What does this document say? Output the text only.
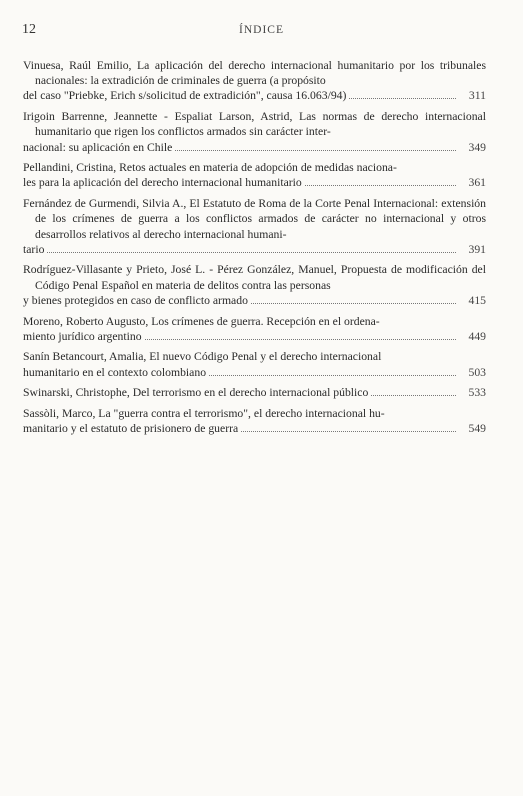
12	ÍNDICE
Vinuesa, Raúl Emilio, La aplicación del derecho internacional humanitario por los tribunales nacionales: la extradición de criminales de guerra (a propósito
del caso "Priebke, Erich s/solicitud de extradición", causa 16.063/94)	311
Irigoin Barrenne, Jeannette - Espaliat Larson, Astrid, Las normas de derecho internacional humanitario que rigen los conflictos armados sin carácter inter-
nacional: su aplicación en Chile	349
Pellandini, Cristina, Retos actuales en materia de adopción de medidas naciona-
les para la aplicación del derecho internacional humanitario	361
Fernández de Gurmendi, Silvia A., El Estatuto de Roma de la Corte Penal Internacional: extensión de los crímenes de guerra a los conflictos armados de carácter no internacional y otros desarrollos relativos al derecho internacional humani-
tario	391
Rodríguez-Villasante y Prieto, José L. - Pérez González, Manuel, Propuesta de modificación del Código Penal Español en materia de delitos contra las personas
y bienes protegidos en caso de conflicto armado	415
Moreno, Roberto Augusto, Los crímenes de guerra. Recepción en el ordena-
miento jurídico argentino	449
Sanín Betancourt, Amalia, El nuevo Código Penal y el derecho internacional
humanitario en el contexto colombiano	503
Swinarski, Christophe, Del terrorismo en el derecho internacional público	533
Sassòli, Marco, La "guerra contra el terrorismo", el derecho internacional hu-
manitario y el estatuto de prisionero de guerra	549
